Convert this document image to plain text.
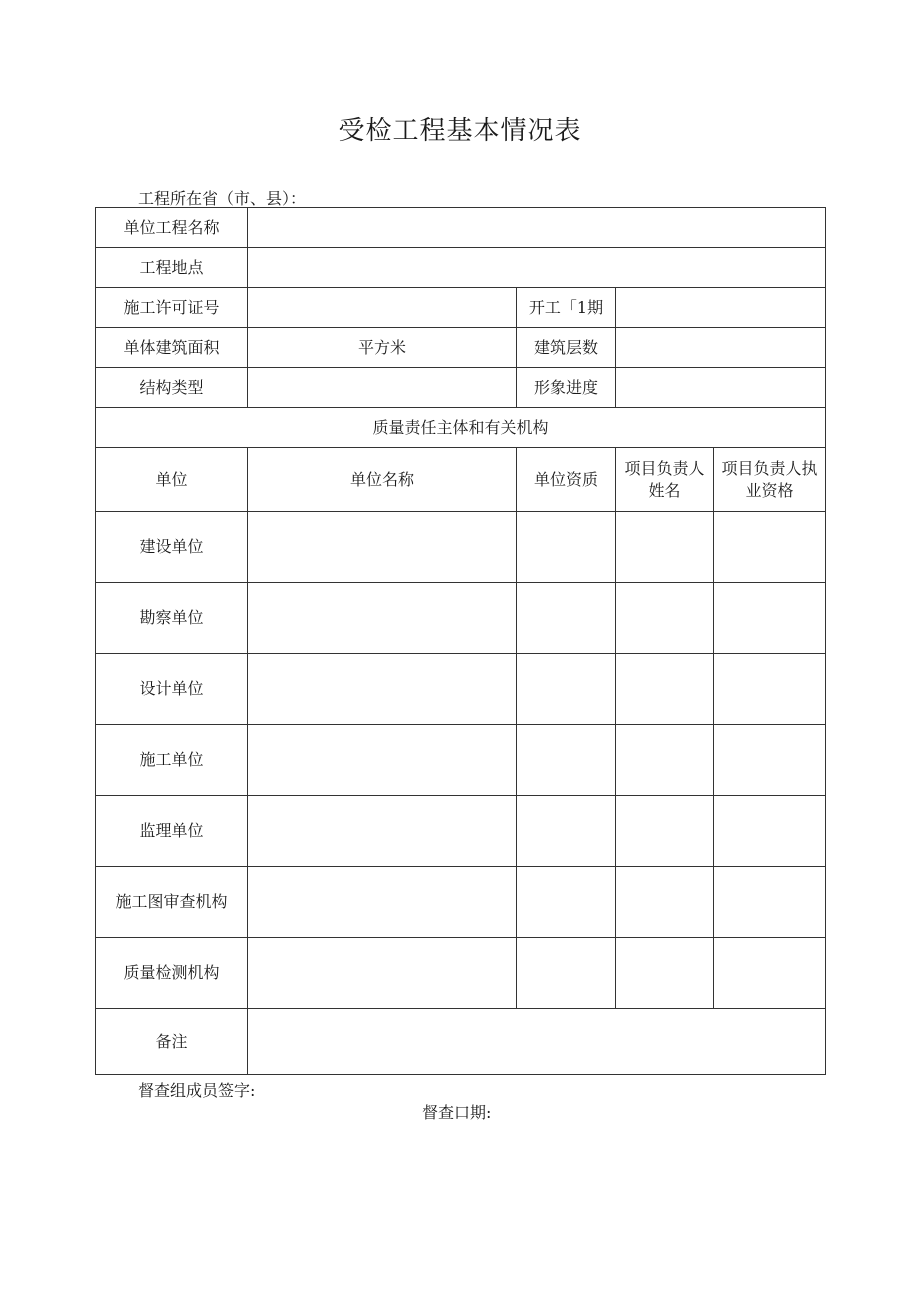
受检工程基本情况表
工程所在省（市、县）：
单位工程名称				
工程地点				
施工许可证号		开工「1期		
单体建筑面积	平方米	建筑层数		
结构类型		形象进度		
质量责任主体和有关机构				
单位	单位名称	单位资质	项目负责人姓名	项目负责人执业资格
建设单位				
勘察单位				
设计单位				
施工单位				
监理单位				
施工图审查机构				
质量检测机构				
备注				
督查组成员签字:
督查口期:
